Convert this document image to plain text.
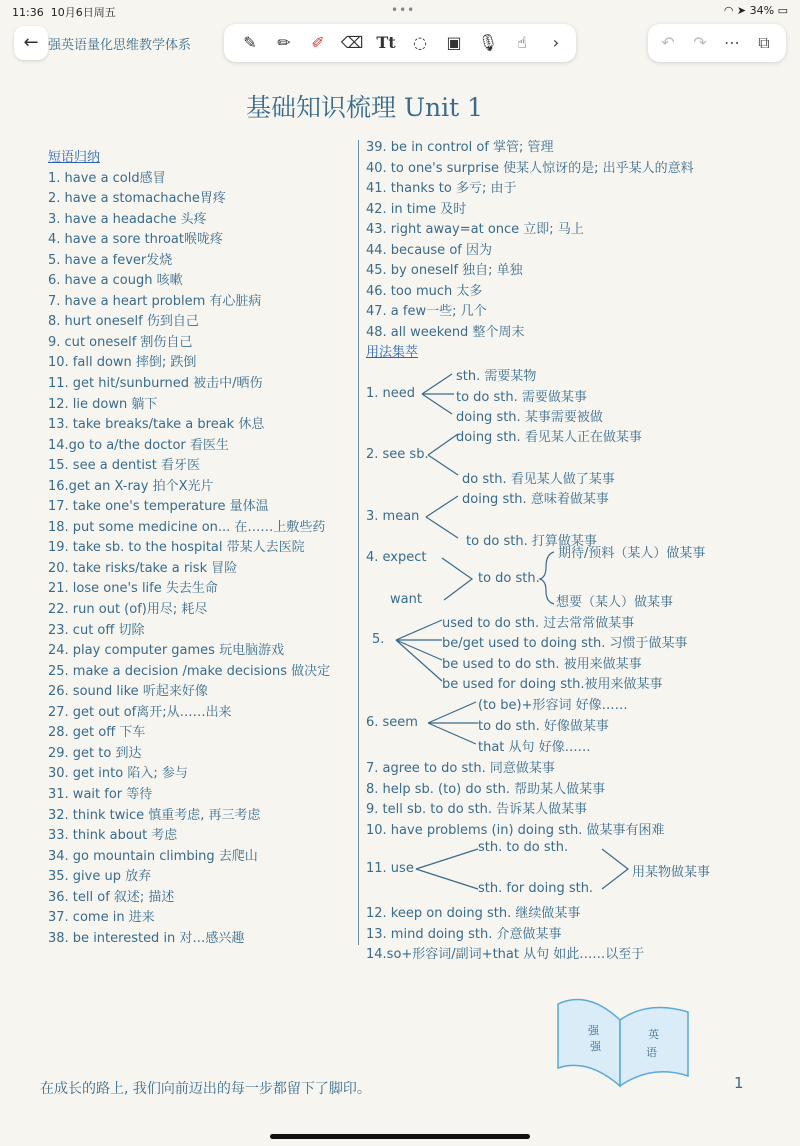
11:36 10月6日周五	•••	◠ ➤ 34% ▭
← 强英语量化思维教学体系	✎	✏	✐ ⌫ Tt	◌	▣	🎙	☝	›	↶	↷	⋯	⧉
基础知识梳理 Unit 1
短语归纳
1. have a cold感冒
2. have a stomachache胃疼
3. have a headache 头疼
4. have a sore throat喉咙疼
5. have a fever发烧
6. have a cough 咳嗽
7. have a heart problem 有心脏病
8. hurt oneself 伤到自己
9. cut oneself 割伤自己
10. fall down 摔倒; 跌倒
11. get hit/sunburned 被击中/晒伤
12. lie down 躺下
13. take breaks/take a break 休息
14.go to a/the doctor 看医生
15. see a dentist 看牙医
16.get an X-ray 拍个X光片
17. take one's temperature 量体温
18. put some medicine on... 在……上敷些药
19. take sb. to the hospital 带某人去医院
20. take risks/take a risk 冒险
21. lose one's life 失去生命
22. run out (of)用尽; 耗尽
23. cut off 切除
24. play computer games 玩电脑游戏
25. make a decision /make decisions 做决定
26. sound like 听起来好像
27. get out of离开;从……出来
28. get off 下车
29. get to 到达
30. get into 陷入; 参与
31. wait for 等待
32. think twice 慎重考虑, 再三考虑
33. think about 考虑
34. go mountain climbing 去爬山
35. give up 放弃
36. tell of 叙述; 描述
37. come in 进来
38. be interested in 对…感兴趣
39. be in control of 掌管; 管理
40. to one's surprise 使某人惊讶的是; 出乎某人的意料
41. thanks to 多亏; 由于
42. in time 及时
43. right away=at once 立即; 马上
44. because of 因为
45. by oneself 独自; 单独
46. too much 太多
47. a few一些; 几个
48. all weekend 整个周末
用法集萃
1. need
sth. 需要某物
to do sth. 需要做某事
doing sth. 某事需要被做
2. see sb.
doing sth. 看见某人正在做某事
do sth. 看见某人做了某事
3. mean
doing sth. 意味着做某事
to do sth. 打算做某事
4. expect
want
to do sth.
期待/预料（某人）做某事
想要（某人）做某事
5.
used to do sth. 过去常常做某事
be/get used to doing sth. 习惯于做某事
be used to do sth. 被用来做某事
be used for doing sth.被用来做某事
6. seem
(to be)+形容词 好像……
to do sth. 好像做某事
that 从句 好像……
7. agree to do sth. 同意做某事
8. help sb. (to) do sth. 帮助某人做某事
9. tell sb. to do sth. 告诉某人做某事
10. have problems (in) doing sth. 做某事有困难
11. use
sth. to do sth.
sth. for doing sth.
用某物做某事
12. keep on doing sth. 继续做某事
13. mind doing sth. 介意做某事
14.so+形容词/副词+that 从句 如此……以至于
强
强
英
语
在成长的路上, 我们向前迈出的每一步都留下了脚印。	1
